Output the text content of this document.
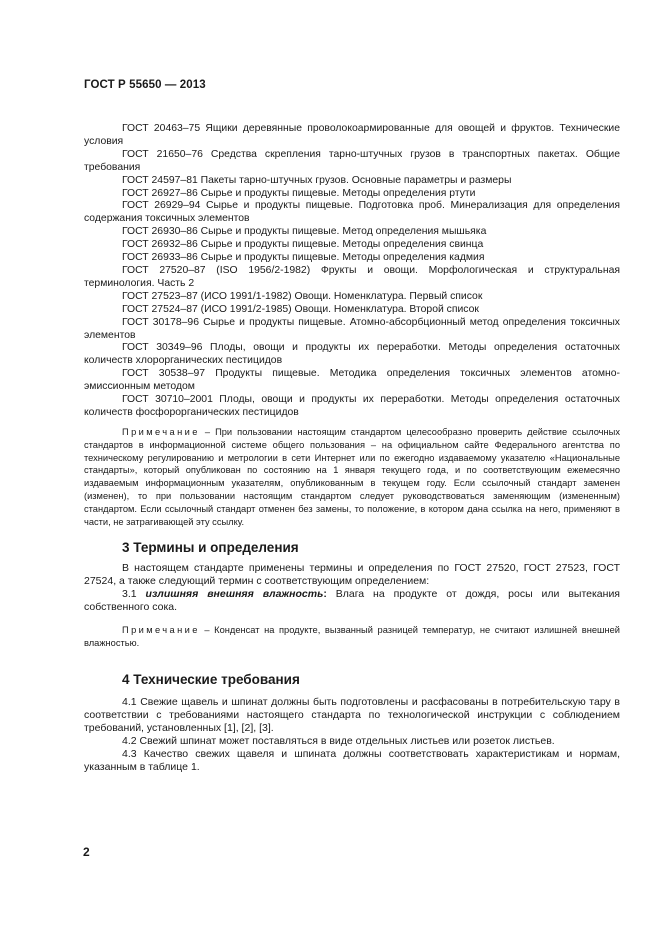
ГОСТ Р 55650 — 2013

ГОСТ 20463–75 Ящики деревянные проволокоармированные для овощей и фруктов. Технические условия

ГОСТ 21650–76 Средства скрепления тарно-штучных грузов в транспортных пакетах. Общие требования

ГОСТ 24597–81 Пакеты тарно-штучных грузов. Основные параметры и размеры

ГОСТ 26927–86 Сырье и продукты пищевые. Методы определения ртути

ГОСТ 26929–94 Сырье и продукты пищевые. Подготовка проб. Минерализация для определения содержания токсичных элементов

ГОСТ 26930–86 Сырье и продукты пищевые. Метод определения мышьяка

ГОСТ 26932–86 Сырье и продукты пищевые. Методы определения свинца

ГОСТ 26933–86 Сырье и продукты пищевые. Методы определения кадмия

ГОСТ 27520–87 (ISO 1956/2-1982) Фрукты и овощи. Морфологическая и структуральная терминология. Часть 2

ГОСТ 27523–87 (ИСО 1991/1-1982) Овощи. Номенклатура. Первый список

ГОСТ 27524–87 (ИСО 1991/2-1985) Овощи. Номенклатура. Второй список

ГОСТ 30178–96 Сырье и продукты пищевые. Атомно-абсорбционный метод определения токсичных элементов

ГОСТ 30349–96 Плоды, овощи и продукты их переработки. Методы определения остаточных количеств хлорорганических пестицидов

ГОСТ 30538–97 Продукты пищевые. Методика определения токсичных элементов атомно-эмиссионным методом

ГОСТ 30710–2001 Плоды, овощи и продукты их переработки. Методы определения остаточных количеств фосфорорганических пестицидов

Примечание – При пользовании настоящим стандартом целесообразно проверить действие ссылочных стандартов в информационной системе общего пользования – на официальном сайте Федерального агентства по техническому регулированию и метрологии в сети Интернет или по ежегодно издаваемому указателю «Национальные стандарты», который опубликован по состоянию на 1 января текущего года, и по соответствующим ежемесячно издаваемым информационным указателям, опубликованным в текущем году. Если ссылочный стандарт заменен (изменен), то при пользовании настоящим стандартом следует руководствоваться заменяющим (измененным) стандартом. Если ссылочный стандарт отменен без замены, то положение, в котором дана ссылка на него, применяют в части, не затрагивающей эту ссылку.

3 Термины и определения

В настоящем стандарте применены термины и определения по ГОСТ 27520, ГОСТ 27523, ГОСТ 27524, а также следующий термин с соответствующим определением:

3.1 излишняя внешняя влажность: Влага на продукте от дождя, росы или вытекания собственного сока.

Примечание – Конденсат на продукте, вызванный разницей температур, не считают излишней внешней влажностью.

4 Технические требования

4.1 Свежие щавель и шпинат должны быть подготовлены и расфасованы в потребительскую тару в соответствии с требованиями настоящего стандарта по технологической инструкции с соблюдением требований, установленных [1], [2], [3].

4.2 Свежий шпинат может поставляться в виде отдельных листьев или розеток листьев.

4.3 Качество свежих щавеля и шпината должны соответствовать характеристикам и нормам, указанным в таблице 1.

2
